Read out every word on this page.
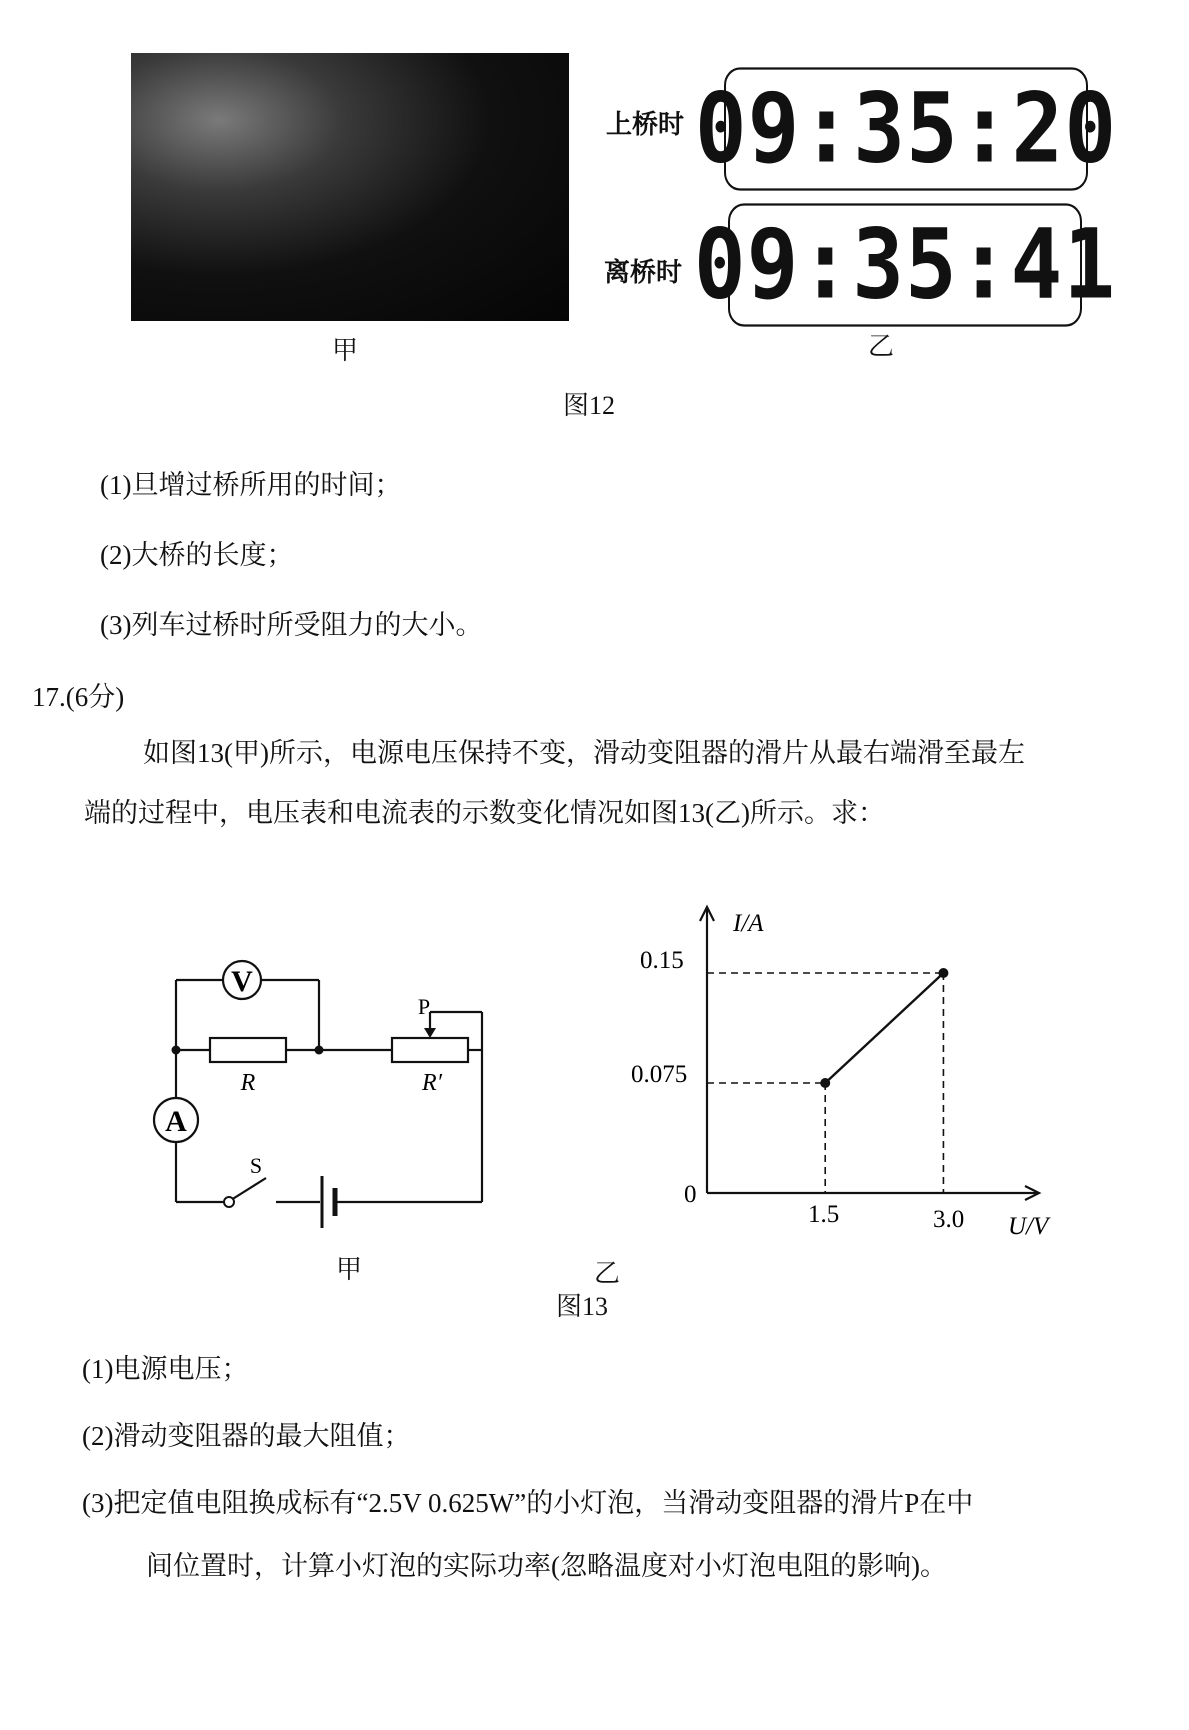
上桥时 09:35:20
离桥时 09:35:41
甲	乙
图12
(1)旦增过桥所用的时间；
(2)大桥的长度；
(3)列车过桥时所受阻力的大小。
17.(6分)
如图13(甲)所示，电源电压保持不变，滑动变阻器的滑片从最右端滑至最左
端的过程中，电压表和电流表的示数变化情况如图13(乙)所示。求：
V
A
R	R′
P
S
0.15
0.075
0
1.5	3.0
I/A
U/V
甲	乙
图13
(1)电源电压；
(2)滑动变阻器的最大阻值；
(3)把定值电阻换成标有“2.5V 0.625W”的小灯泡，当滑动变阻器的滑片P在中
间位置时，计算小灯泡的实际功率(忽略温度对小灯泡电阻的影响)。
